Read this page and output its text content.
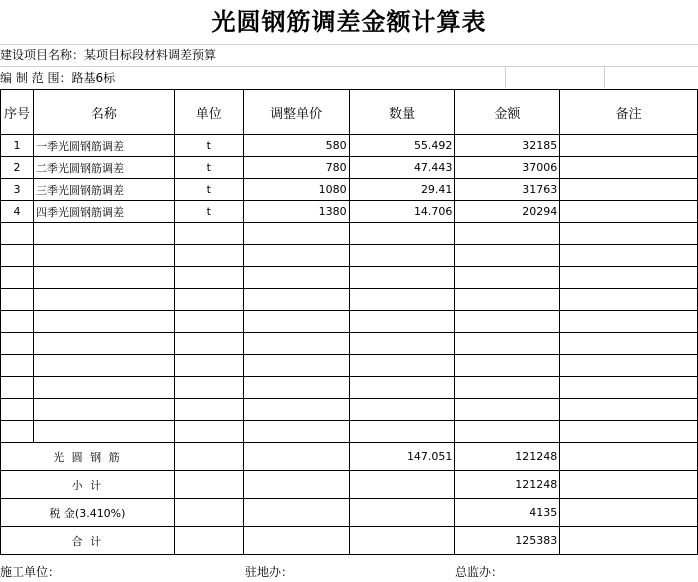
光圆钢筋调差金额计算表
建设项目名称：某项目标段材料调差预算
编 制 范 围：路基6标
序号	名称	单位	调整单价	数量	金额	备注
1	一季光圆钢筋调差	t	580	55.492	32185	
2	二季光圆钢筋调差	t	780	47.443	37006	
3	三季光圆钢筋调差	t	1080	29.41	31763	
4	四季光圆钢筋调差	t	1380	14.706	20294	

光 圆 钢 筋				147.051	121248	
小 计					121248	
税 金(3.410%)					4135	
合 计					125383	
施工单位：	驻地办：	总监办：
